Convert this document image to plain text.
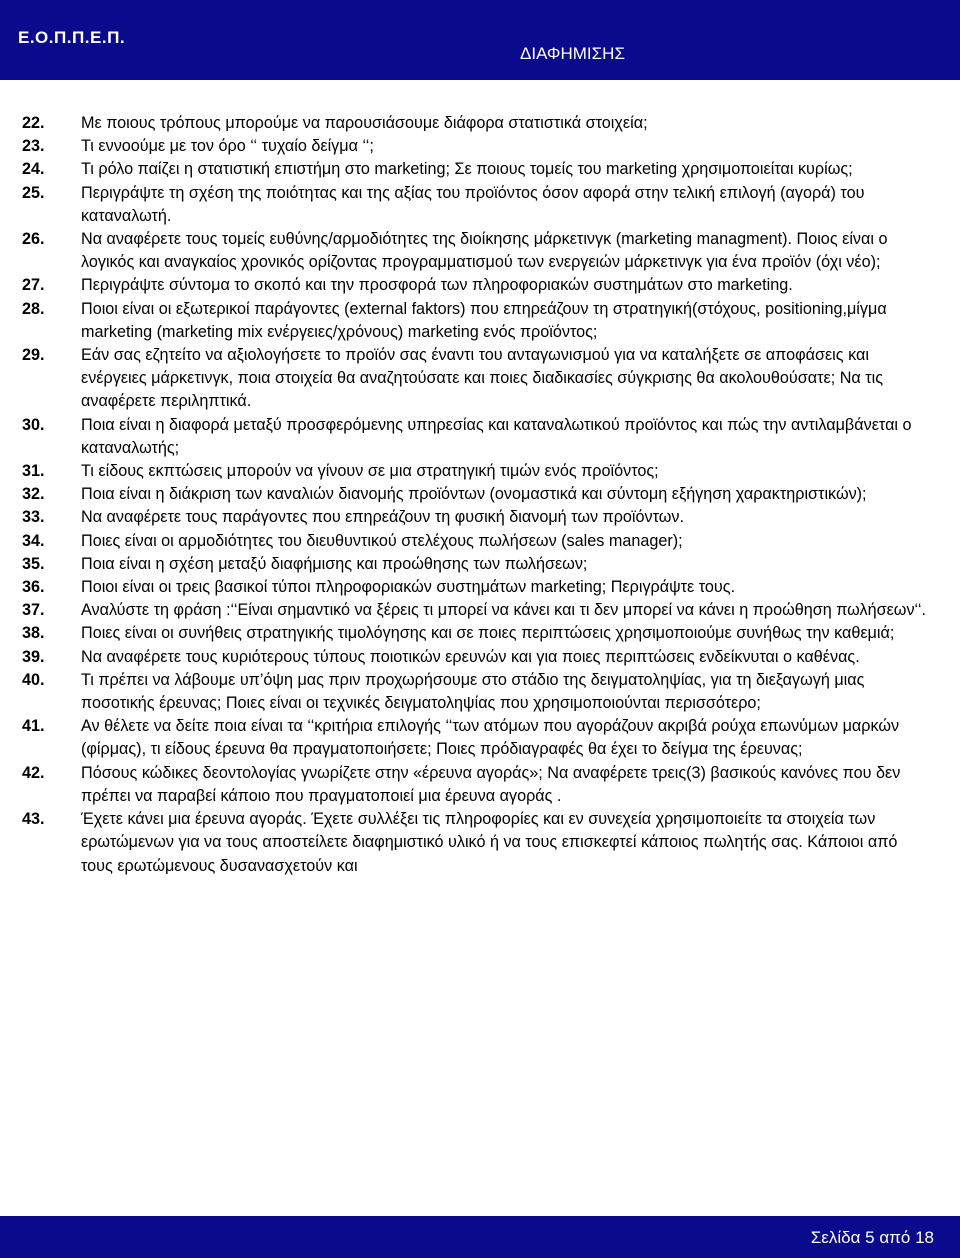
Ε.Ο.Π.Π.Ε.Π.
ΔΙΑΦΗΜΙΣΗΣ
22.	Με ποιους τρόπους μπορούμε να παρουσιάσουμε διάφορα στατιστικά στοιχεία;
23.	Τι εννοούμε με τον όρο ‘‘ τυχαίο δείγμα ‘‘;
24.	Τι ρόλο παίζει η στατιστική επιστήμη στο marketing; Σε ποιους τομείς του marketing χρησιμοποιείται κυρίως;
25.	Περιγράψτε τη σχέση της ποιότητας και της αξίας του προϊόντος όσον αφορά στην τελική επιλογή (αγορά) του καταναλωτή.
26.	Να αναφέρετε τους τομείς ευθύνης/αρμοδιότητες της διοίκησης μάρκετινγκ (marketing managment). Ποιος είναι ο λογικός και αναγκαίος χρονικός ορίζοντας προγραμματισμού των ενεργειών μάρκετινγκ για ένα προϊόν (όχι νέο);
27.	Περιγράψτε σύντομα το σκοπό και την προσφορά των πληροφοριακών συστημάτων στο marketing.
28.	Ποιοι είναι οι εξωτερικοί παράγοντες (external faktors) που επηρεάζουν τη στρατηγική(στόχους, positioning,μίγμα marketing (marketing mix ενέργειες/χρόνους) marketing ενός προϊόντος;
29.	Εάν σας εζητείτο να αξιολογήσετε το προϊόν σας έναντι του ανταγωνισμού για να καταλήξετε σε αποφάσεις και ενέργειες μάρκετινγκ, ποια στοιχεία θα αναζητούσατε και ποιες διαδικασίες σύγκρισης θα ακολουθούσατε; Να τις αναφέρετε περιληπτικά.
30.	Ποια είναι η διαφορά μεταξύ προσφερόμενης υπηρεσίας και καταναλωτικού προϊόντος και πώς την αντιλαμβάνεται ο καταναλωτής;
31.	Τι είδους εκπτώσεις μπορούν να γίνουν σε μια στρατηγική τιμών ενός προϊόντος;
32.	Ποια είναι η διάκριση των καναλιών διανομής προϊόντων (ονομαστικά και σύντομη εξήγηση χαρακτηριστικών);
33.	Να αναφέρετε τους παράγοντες που επηρεάζουν τη φυσική διανομή των προϊόντων.
34.	Ποιες είναι οι αρμοδιότητες του διευθυντικού στελέχους πωλήσεων (sales manager);
35.	Ποια είναι η σχέση μεταξύ διαφήμισης και προώθησης των πωλήσεων;
36.	Ποιοι είναι οι τρεις βασικοί τύποι πληροφοριακών συστημάτων marketing; Περιγράψτε τους.
37.	Αναλύστε τη φράση :‘‘Είναι σημαντικό να ξέρεις τι μπορεί να κάνει και τι δεν μπορεί να κάνει η προώθηση πωλήσεων‘‘.
38.	Ποιες είναι οι συνήθεις στρατηγικής τιμολόγησης και σε ποιες περιπτώσεις χρησιμοποιούμε συνήθως την καθεμιά;
39.	Να αναφέρετε τους κυριότερους τύπους ποιοτικών ερευνών και για ποιες περιπτώσεις ενδείκνυται ο καθένας.
40.	Τι πρέπει να λάβουμε υπ’όψη μας πριν προχωρήσουμε στο στάδιο της δειγματοληψίας, για τη διεξαγωγή μιας ποσοτικής έρευνας; Ποιες είναι οι τεχνικές δειγματοληψίας που χρησιμοποιούνται περισσότερο;
41.	Αν θέλετε να δείτε ποια είναι τα ‘‘κριτήρια επιλογής ‘‘των ατόμων που αγοράζουν ακριβά ρούχα επωνύμων μαρκών (φίρμας), τι είδους έρευνα θα πραγματοποιήσετε; Ποιες πρόδιαγραφές θα έχει το δείγμα της έρευνας;
42.	Πόσους κώδικες δεοντολογίας γνωρίζετε στην «έρευνα αγοράς»; Να αναφέρετε τρεις(3) βασικούς κανόνες που δεν πρέπει να παραβεί κάποιο που πραγματοποιεί μια έρευνα αγοράς .
43.	Έχετε κάνει μια έρευνα αγοράς. Έχετε συλλέξει τις πληροφορίες και εν συνεχεία χρησιμοποιείτε τα στοιχεία των ερωτώμενων για να τους αποστείλετε διαφημιστικό υλικό ή να τους επισκεφτεί κάποιος πωλητής σας. Κάποιοι από τους ερωτώμενους δυσανασχετούν και
Σελίδα 5 από 18
